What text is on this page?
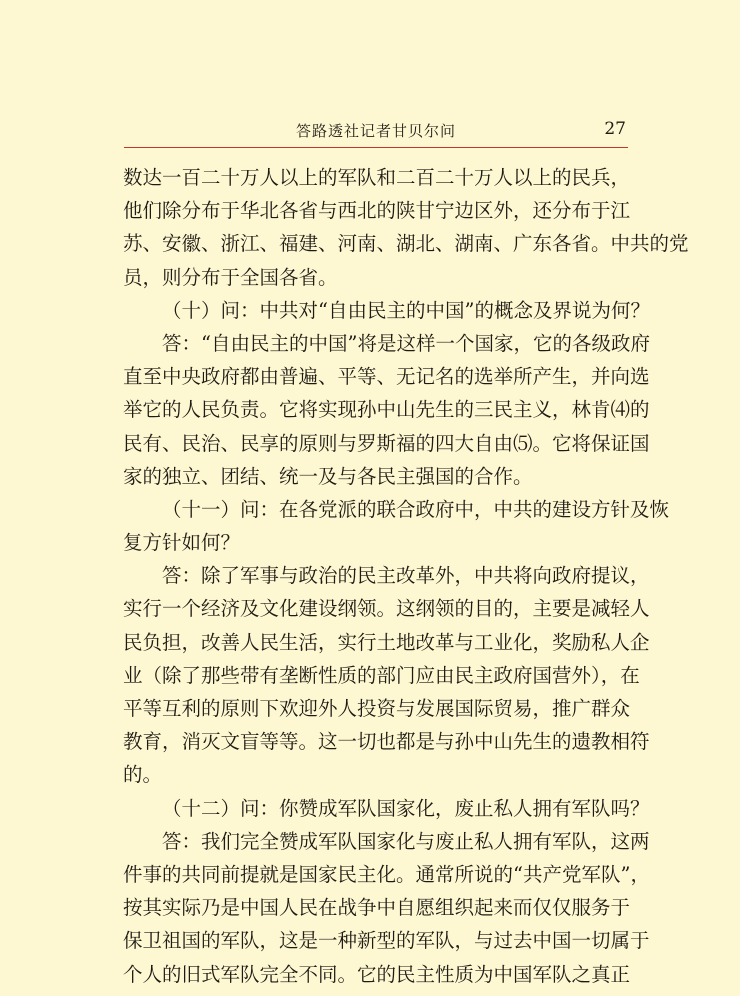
答路透社记者甘贝尔问	27
数达一百二十万人以上的军队和二百二十万人以上的民兵，
他们除分布于华北各省与西北的陕甘宁边区外，还分布于江
苏、安徽、浙江、福建、河南、湖北、湖南、广东各省。中共的党
员，则分布于全国各省。
（十）问：中共对“自由民主的中国”的概念及界说为何？
答：“自由民主的中国”将是这样一个国家，它的各级政府
直至中央政府都由普遍、平等、无记名的选举所产生，并向选
举它的人民负责。它将实现孙中山先生的三民主义，林肯⑷的
民有、民治、民享的原则与罗斯福的四大自由⑸。它将保证国
家的独立、团结、统一及与各民主强国的合作。
（十一）问：在各党派的联合政府中，中共的建设方针及恢
复方针如何？
答：除了军事与政治的民主改革外，中共将向政府提议，
实行一个经济及文化建设纲领。这纲领的目的，主要是减轻人
民负担，改善人民生活，实行土地改革与工业化，奖励私人企
业（除了那些带有垄断性质的部门应由民主政府国营外），在
平等互利的原则下欢迎外人投资与发展国际贸易，推广群众
教育，消灭文盲等等。这一切也都是与孙中山先生的遗教相符
的。
（十二）问：你赞成军队国家化，废止私人拥有军队吗？
答：我们完全赞成军队国家化与废止私人拥有军队，这两
件事的共同前提就是国家民主化。通常所说的“共产党军队”，
按其实际乃是中国人民在战争中自愿组织起来而仅仅服务于
保卫祖国的军队，这是一种新型的军队，与过去中国一切属于
个人的旧式军队完全不同。它的民主性质为中国军队之真正
